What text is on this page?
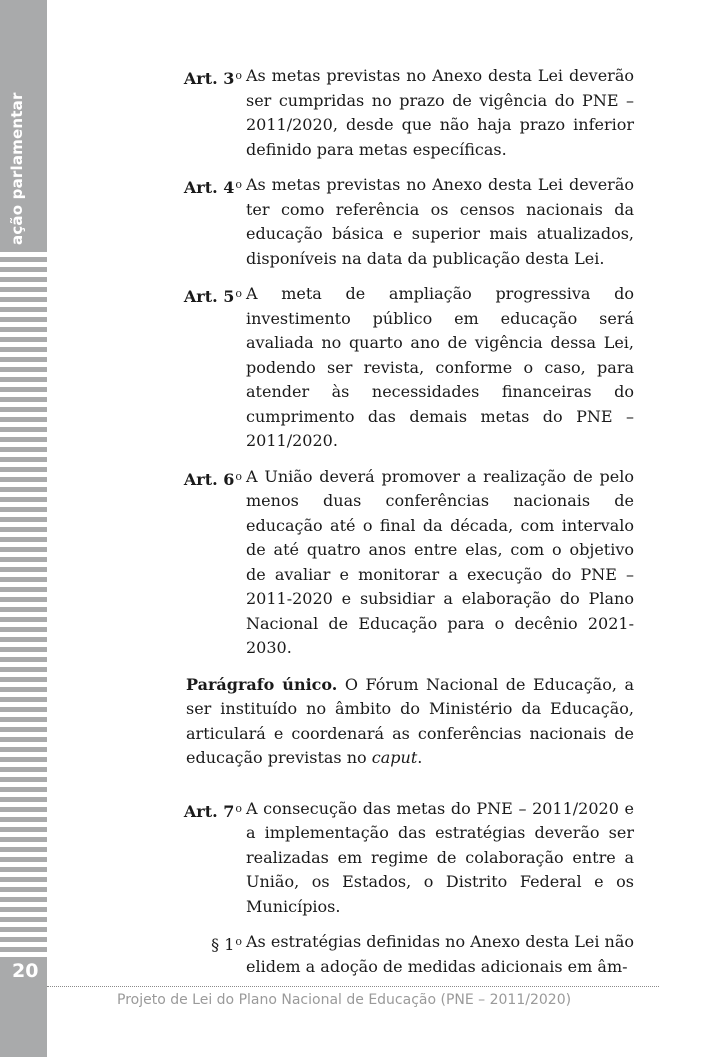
ação parlamentar
20
Art. 3$^o$ As metas previstas no Anexo desta Lei deverão ser cumpridas no prazo de vigência do PNE – 2011/2020, desde que não haja prazo inferior definido para metas específicas.
Art. 4$^o$ As metas previstas no Anexo desta Lei deverão ter como referência os censos nacionais da educação básica e superior mais atualizados, disponíveis na data da publicação desta Lei.
Art. 5$^o$ A meta de ampliação progressiva do investimento público em educação será avaliada no quarto ano de vigência dessa Lei, podendo ser revista, conforme o caso, para atender às necessidades financeiras do cumprimento das demais metas do PNE – 2011/2020.
Art. 6$^o$ A União deverá promover a realização de pelo menos duas conferências nacionais de educação até o final da década, com intervalo de até quatro anos entre elas, com o objetivo de avaliar e monitorar a execução do PNE – 2011-2020 e subsidiar a elaboração do Plano Nacional de Educação para o decênio 2021-2030.
Parágrafo único. O Fórum Nacional de Educação, a ser instituído no âmbito do Ministério da Educação, articulará e coordenará as conferências nacionais de educação previstas no caput.
Art. 7$^o$ A consecução das metas do PNE – 2011/2020 e a implementação das estratégias deverão ser realizadas em regime de colaboração entre a União, os Estados, o Distrito Federal e os Municípios.
§ 1$^o$ As estratégias definidas no Anexo desta Lei não elidem a adoção de medidas adicionais em âm-
Projeto de Lei do Plano Nacional de Educação (PNE – 2011/2020)
